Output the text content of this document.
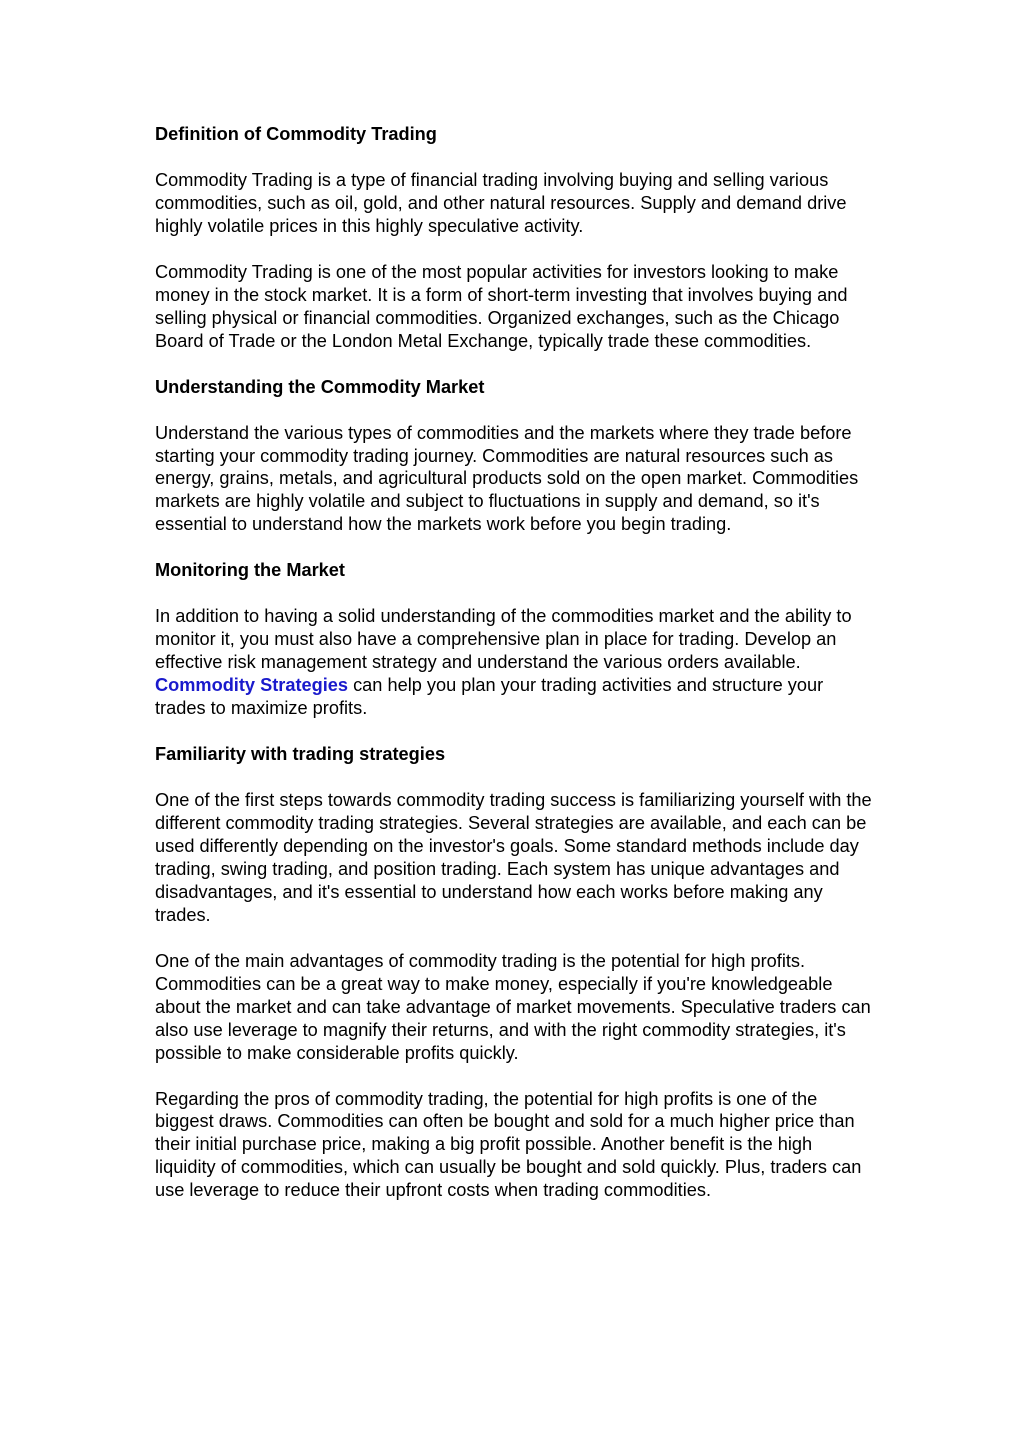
Definition of Commodity Trading
Commodity Trading is a type of financial trading involving buying and selling various commodities, such as oil, gold, and other natural resources. Supply and demand drive highly volatile prices in this highly speculative activity.
Commodity Trading is one of the most popular activities for investors looking to make money in the stock market. It is a form of short-term investing that involves buying and selling physical or financial commodities. Organized exchanges, such as the Chicago Board of Trade or the London Metal Exchange, typically trade these commodities.
Understanding the Commodity Market
Understand the various types of commodities and the markets where they trade before starting your commodity trading journey. Commodities are natural resources such as energy, grains, metals, and agricultural products sold on the open market. Commodities markets are highly volatile and subject to fluctuations in supply and demand, so it's essential to understand how the markets work before you begin trading.
Monitoring the Market
In addition to having a solid understanding of the commodities market and the ability to monitor it, you must also have a comprehensive plan in place for trading. Develop an effective risk management strategy and understand the various orders available. Commodity Strategies can help you plan your trading activities and structure your trades to maximize profits.
Familiarity with trading strategies
One of the first steps towards commodity trading success is familiarizing yourself with the different commodity trading strategies. Several strategies are available, and each can be used differently depending on the investor's goals. Some standard methods include day trading, swing trading, and position trading. Each system has unique advantages and disadvantages, and it's essential to understand how each works before making any trades.
One of the main advantages of commodity trading is the potential for high profits. Commodities can be a great way to make money, especially if you're knowledgeable about the market and can take advantage of market movements. Speculative traders can also use leverage to magnify their returns, and with the right commodity strategies, it's possible to make considerable profits quickly.
Regarding the pros of commodity trading, the potential for high profits is one of the biggest draws. Commodities can often be bought and sold for a much higher price than their initial purchase price, making a big profit possible. Another benefit is the high liquidity of commodities, which can usually be bought and sold quickly. Plus, traders can use leverage to reduce their upfront costs when trading commodities.
